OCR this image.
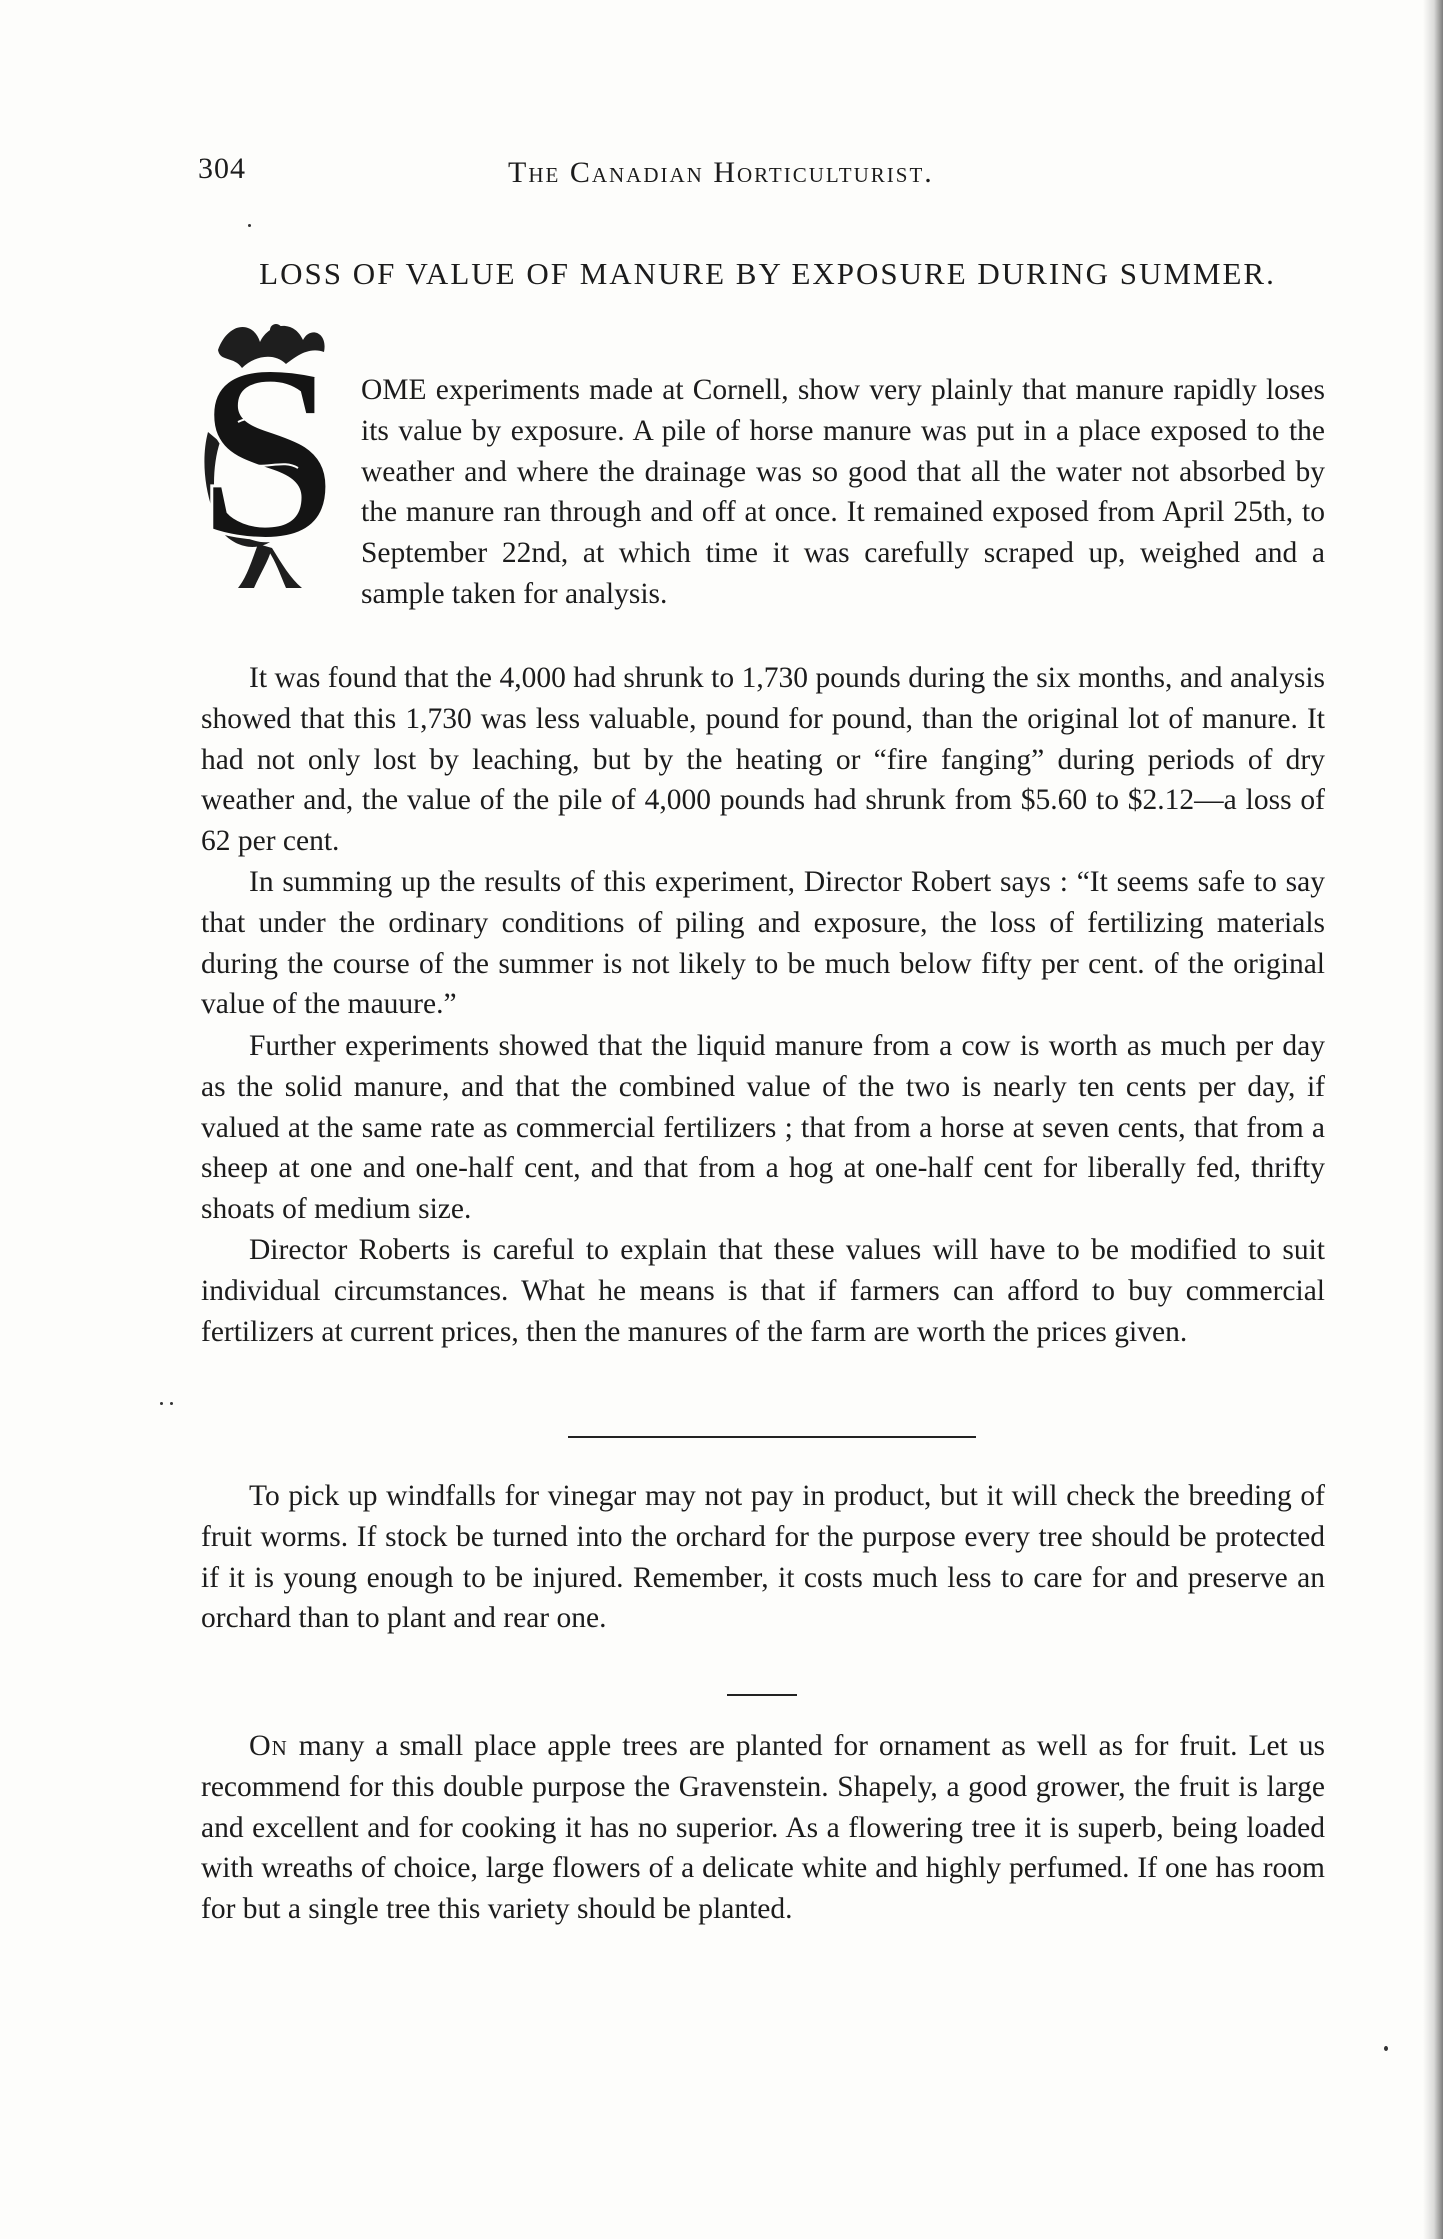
304	The Canadian Horticulturist.
LOSS OF VALUE OF MANURE BY EXPOSURE DURING SUMMER.
S OME experiments made at Cornell, show very plainly that manure rapidly loses its value by exposure. A pile of horse manure was put in a place exposed to the weather and where the drainage was so good that all the water not absorbed by the manure ran through and off at once. It remained exposed from April 25th, to September 22nd, at which time it was carefully scraped up, weighed and a sample taken for analysis.

It was found that the 4,000 had shrunk to 1,730 pounds during the six months, and analysis showed that this 1,730 was less valuable, pound for pound, than the original lot of manure. It had not only lost by leaching, but by the heating or “fire fanging” during periods of dry weather and, the value of the pile of 4,000 pounds had shrunk from $5.60 to $2.12—a loss of 62 per cent.

In summing up the results of this experiment, Director Robert says : “It seems safe to say that under the ordinary conditions of piling and exposure, the loss of fertilizing materials during the course of the summer is not likely to be much below fifty per cent. of the original value of the mauure.”

Further experiments showed that the liquid manure from a cow is worth as much per day as the solid manure, and that the combined value of the two is nearly ten cents per day, if valued at the same rate as commercial fertilizers ; that from a horse at seven cents, that from a sheep at one and one-half cent, and that from a hog at one-half cent for liberally fed, thrifty shoats of medium size.

Director Roberts is careful to explain that these values will have to be modified to suit individual circumstances. What he means is that if farmers can afford to buy commercial fertilizers at current prices, then the manures of the farm are worth the prices given.

To pick up windfalls for vinegar may not pay in product, but it will check the breeding of fruit worms. If stock be turned into the orchard for the purpose every tree should be protected if it is young enough to be injured. Remember, it costs much less to care for and preserve an orchard than to plant and rear one.

On many a small place apple trees are planted for ornament as well as for fruit. Let us recommend for this double purpose the Gravenstein. Shapely, a good grower, the fruit is large and excellent and for cooking it has no superior. As a flowering tree it is superb, being loaded with wreaths of choice, large flowers of a delicate white and highly perfumed. If one has room for but a single tree this variety should be planted.
